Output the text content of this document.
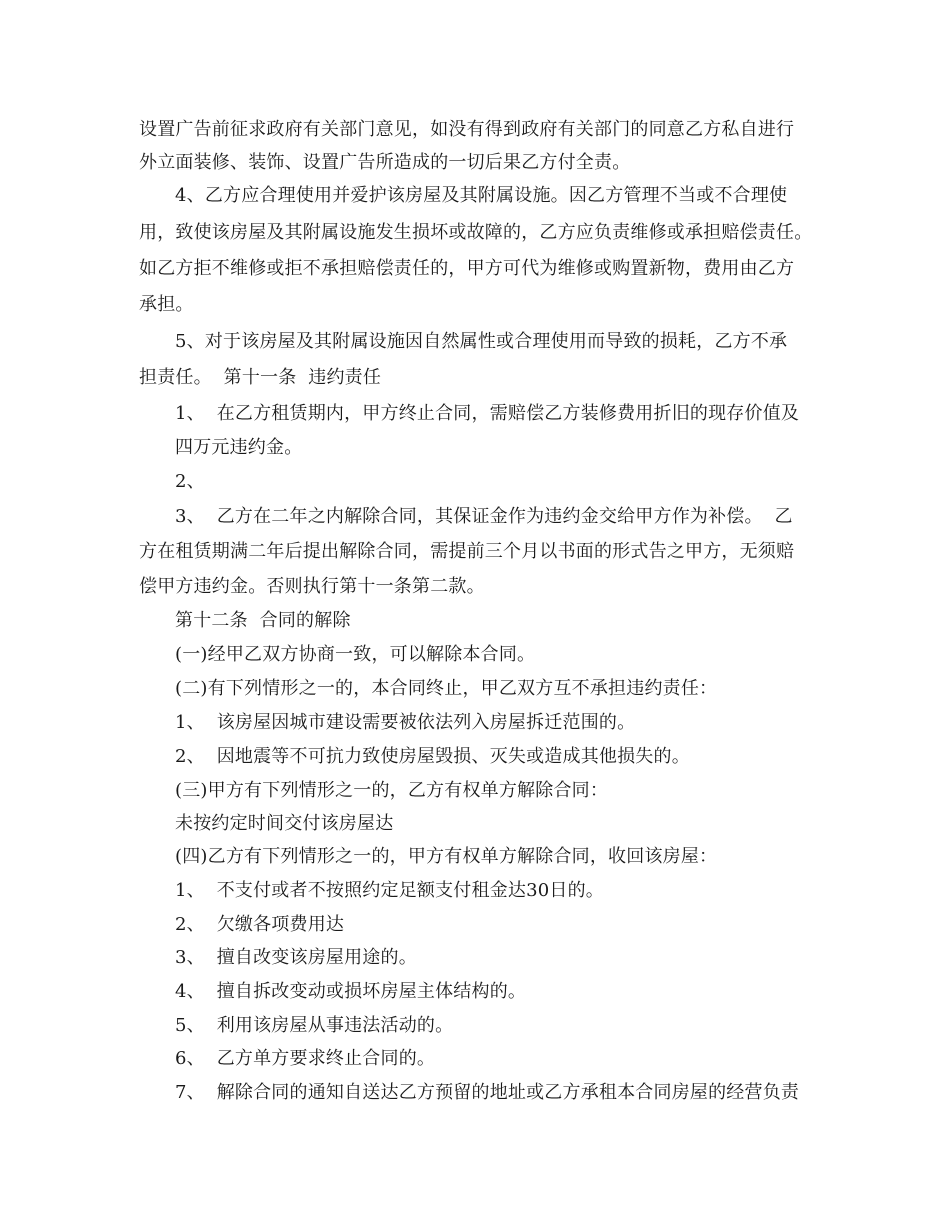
设置广告前征求政府有关部门意见，如没有得到政府有关部门的同意乙方私自进行
外立面装修、装饰、设置广告所造成的一切后果乙方付全责。
4、乙方应合理使用并爱护该房屋及其附属设施。因乙方管理不当或不合理使
用，致使该房屋及其附属设施发生损坏或故障的，乙方应负责维修或承担赔偿责任。
如乙方拒不维修或拒不承担赔偿责任的，甲方可代为维修或购置新物，费用由乙方
承担。
5、对于该房屋及其附属设施因自然属性或合理使用而导致的损耗，乙方不承
担责任。  第十一条  违约责任
1、  在乙方租赁期内，甲方终止合同，需赔偿乙方装修费用折旧的现存价值及
四万元违约金。
2、
3、  乙方在二年之内解除合同，其保证金作为违约金交给甲方作为补偿。  乙
方在租赁期满二年后提出解除合同，需提前三个月以书面的形式告之甲方，无须赔
偿甲方违约金。否则执行第十一条第二款。
第十二条  合同的解除
(一)经甲乙双方协商一致，可以解除本合同。
(二)有下列情形之一的，本合同终止，甲乙双方互不承担违约责任：
1、  该房屋因城市建设需要被依法列入房屋拆迁范围的。
2、  因地震等不可抗力致使房屋毁损、灭失或造成其他损失的。
(三)甲方有下列情形之一的，乙方有权单方解除合同：
未按约定时间交付该房屋达
(四)乙方有下列情形之一的，甲方有权单方解除合同，收回该房屋：
1、  不支付或者不按照约定足额支付租金达30日的。
2、  欠缴各项费用达
3、  擅自改变该房屋用途的。
4、  擅自拆改变动或损坏房屋主体结构的。
5、  利用该房屋从事违法活动的。
6、  乙方单方要求终止合同的。
7、  解除合同的通知自送达乙方预留的地址或乙方承租本合同房屋的经营负责
